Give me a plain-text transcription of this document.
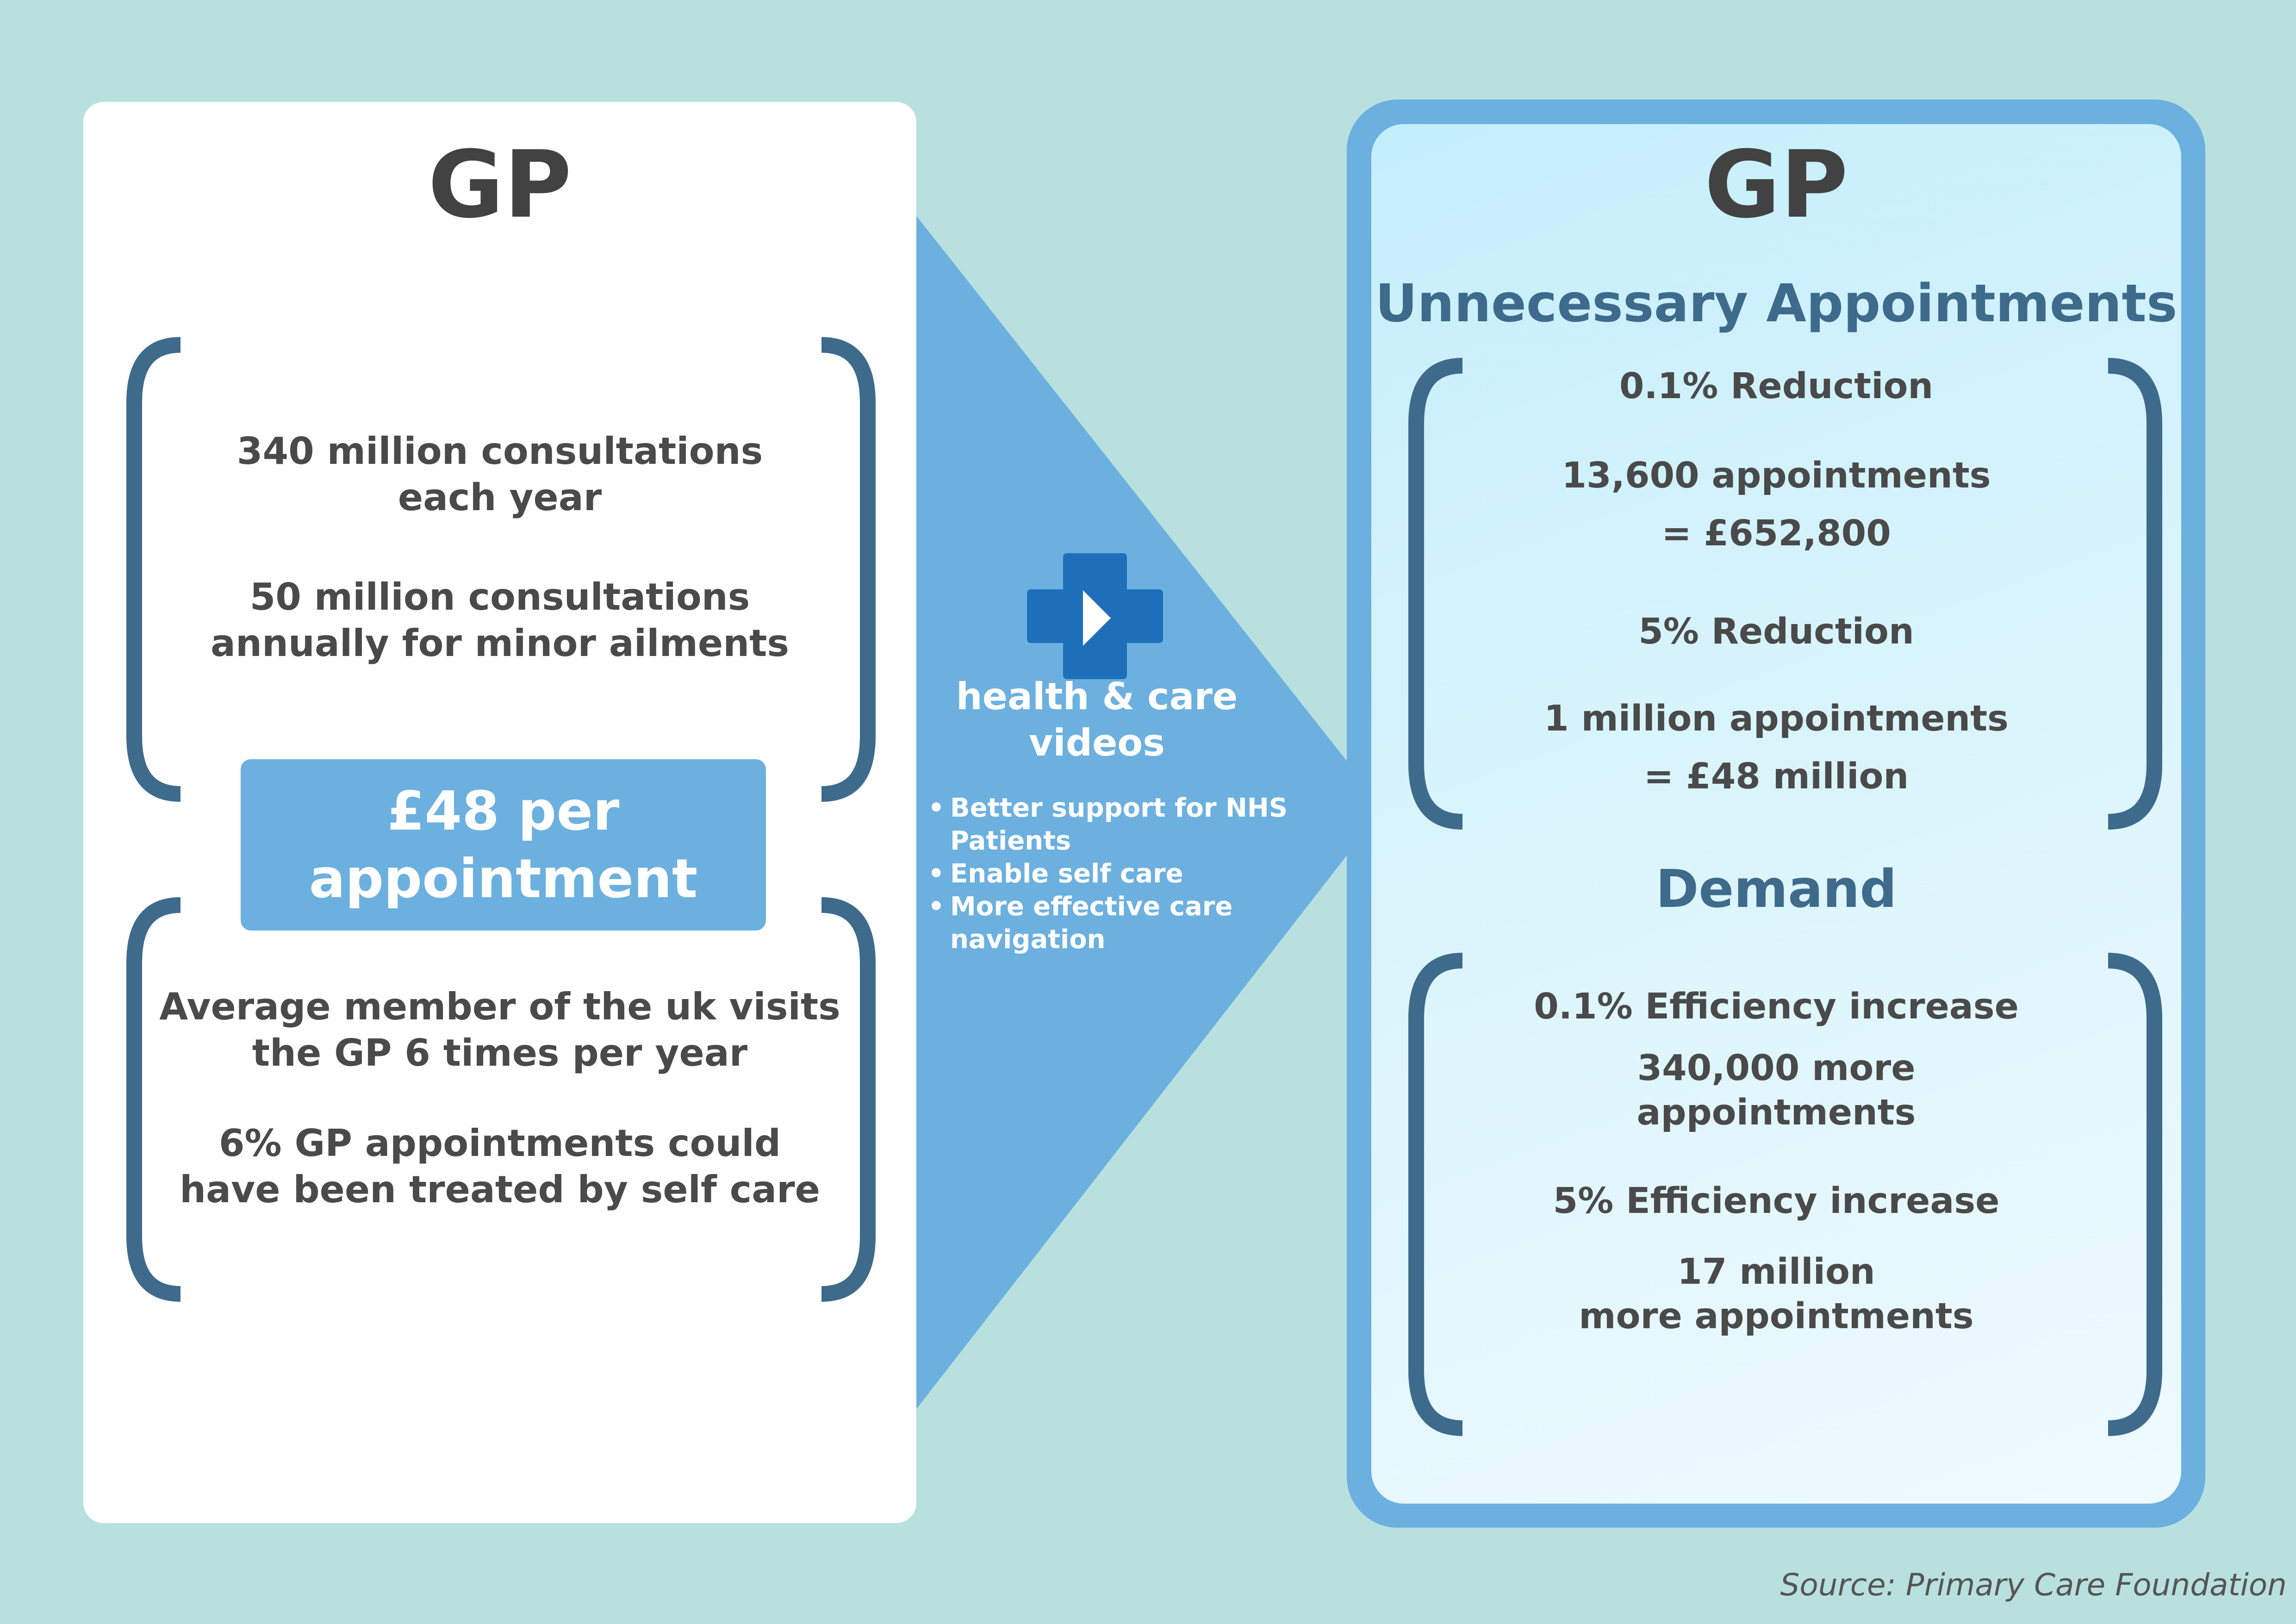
GP
340 million consultations
each year
50 million consultations
annually for minor ailments
£48 per
appointment
Average member of the uk visits
the GP 6 times per year
6% GP appointments could
have been treated by self care
health & care
videos
• Better support for NHS Patients
• Enable self care
• More effective care navigation
GP
Unnecessary Appointments
0.1% Reduction
13,600 appointments
= £652,800
5% Reduction
1 million appointments
= £48 million
Demand
0.1% Efficiency increase
340,000 more
appointments
5% Efficiency increase
17 million
more appointments
Source: Primary Care Foundation
